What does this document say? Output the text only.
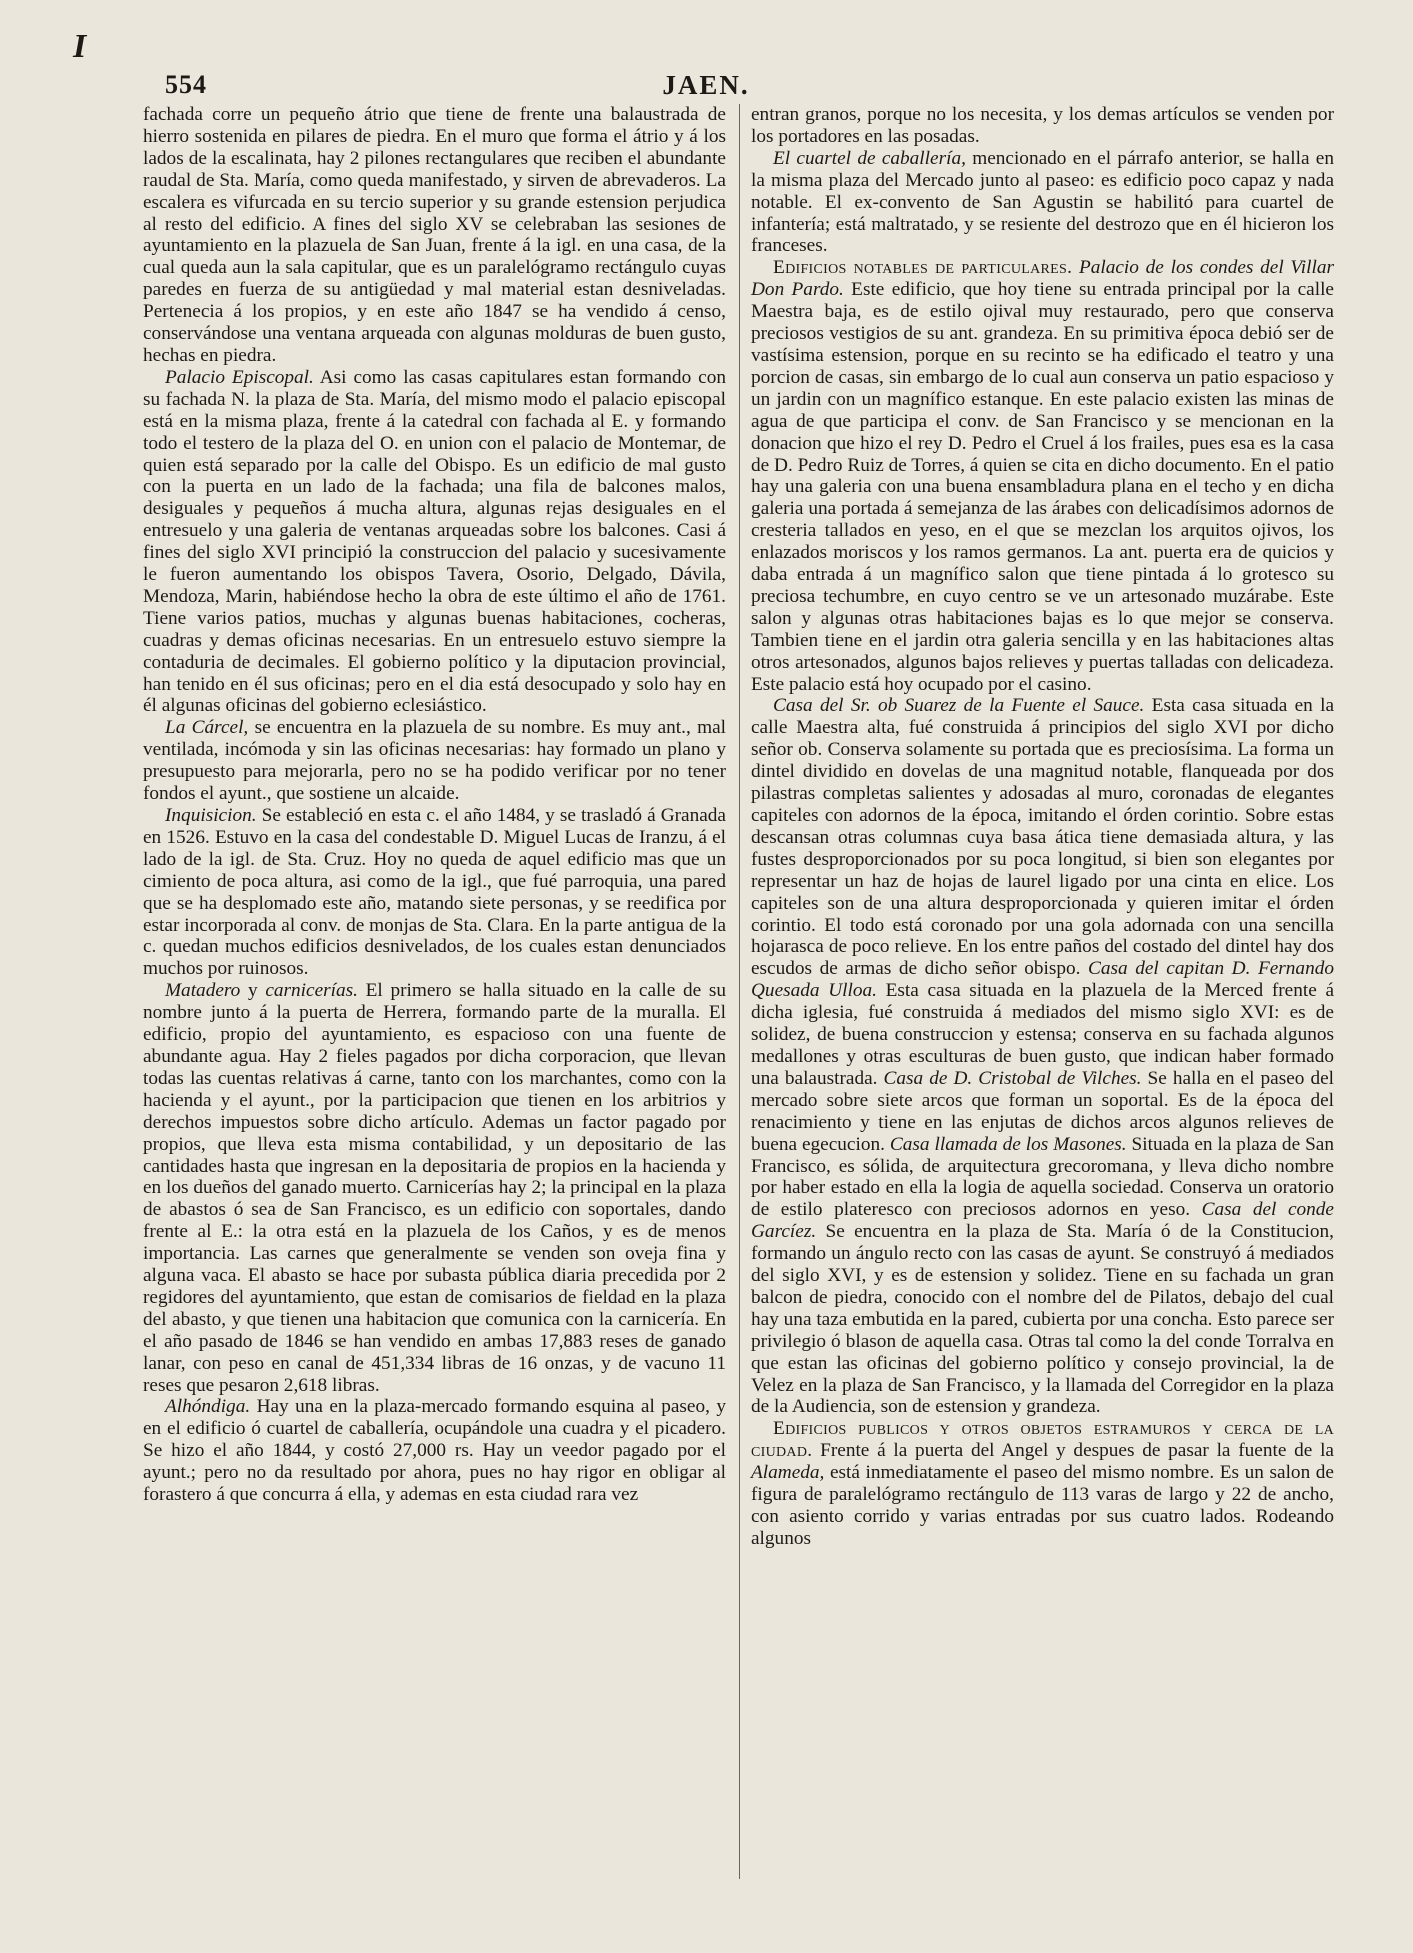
I
554	JAEN.

fachada corre un pequeño átrio que tiene de frente una balaustrada de hierro sostenida en pilares de piedra. En el muro que forma el átrio y á los lados de la escalinata, hay 2 pilones rectangulares que reciben el abundante raudal de Sta. María, como queda manifestado, y sirven de abrevaderos. La escalera es vifurcada en su tercio superior y su grande estension perjudica al resto del edificio. A fines del siglo XV se celebraban las sesiones de ayuntamiento en la plazuela de San Juan, frente á la igl. en una casa, de la cual queda aun la sala capitular, que es un paralelógramo rectángulo cuyas paredes en fuerza de su antigüedad y mal material estan desniveladas. Pertenecia á los propios, y en este año 1847 se ha vendido á censo, conservándose una ventana arqueada con algunas molduras de buen gusto, hechas en piedra.

Palacio Episcopal. Asi como las casas capitulares estan formando con su fachada N. la plaza de Sta. María, del mismo modo el palacio episcopal está en la misma plaza, frente á la catedral con fachada al E. y formando todo el testero de la plaza del O. en union con el palacio de Montemar, de quien está separado por la calle del Obispo. Es un edificio de mal gusto con la puerta en un lado de la fachada; una fila de balcones malos, desiguales y pequeños á mucha altura, algunas rejas desiguales en el entresuelo y una galeria de ventanas arqueadas sobre los balcones. Casi á fines del siglo XVI principió la construccion del palacio y sucesivamente le fueron aumentando los obispos Tavera, Osorio, Delgado, Dávila, Mendoza, Marin, habiéndose hecho la obra de este último el año de 1761. Tiene varios patios, muchas y algunas buenas habitaciones, cocheras, cuadras y demas oficinas necesarias. En un entresuelo estuvo siempre la contaduria de decimales. El gobierno político y la diputacion provincial, han tenido en él sus oficinas; pero en el dia está desocupado y solo hay en él algunas oficinas del gobierno eclesiástico.

La Cárcel, se encuentra en la plazuela de su nombre. Es muy ant., mal ventilada, incómoda y sin las oficinas necesarias: hay formado un plano y presupuesto para mejorarla, pero no se ha podido verificar por no tener fondos el ayunt., que sostiene un alcaide.

Inquisicion. Se estableció en esta c. el año 1484, y se trasladó á Granada en 1526. Estuvo en la casa del condestable D. Miguel Lucas de Iranzu, á el lado de la igl. de Sta. Cruz. Hoy no queda de aquel edificio mas que un cimiento de poca altura, asi como de la igl., que fué parroquia, una pared que se ha desplomado este año, matando siete personas, y se reedifica por estar incorporada al conv. de monjas de Sta. Clara. En la parte antigua de la c. quedan muchos edificios desnivelados, de los cuales estan denunciados muchos por ruinosos.

Matadero y carnicerías. El primero se halla situado en la calle de su nombre junto á la puerta de Herrera, formando parte de la muralla. El edificio, propio del ayuntamiento, es espacioso con una fuente de abundante agua. Hay 2 fieles pagados por dicha corporacion, que llevan todas las cuentas relativas á carne, tanto con los marchantes, como con la hacienda y el ayunt., por la participacion que tienen en los arbitrios y derechos impuestos sobre dicho artículo. Ademas un factor pagado por propios, que lleva esta misma contabilidad, y un depositario de las cantidades hasta que ingresan en la depositaria de propios en la hacienda y en los dueños del ganado muerto. Carnicerías hay 2; la principal en la plaza de abastos ó sea de San Francisco, es un edificio con soportales, dando frente al E.: la otra está en la plazuela de los Caños, y es de menos importancia. Las carnes que generalmente se venden son oveja fina y alguna vaca. El abasto se hace por subasta pública diaria precedida por 2 regidores del ayuntamiento, que estan de comisarios de fieldad en la plaza del abasto, y que tienen una habitacion que comunica con la carnicería. En el año pasado de 1846 se han vendido en ambas 17,883 reses de ganado lanar, con peso en canal de 451,334 libras de 16 onzas, y de vacuno 11 reses que pesaron 2,618 libras.

Alhóndiga. Hay una en la plaza-mercado formando esquina al paseo, y en el edificio ó cuartel de caballería, ocupándole una cuadra y el picadero. Se hizo el año 1844, y costó 27,000 rs. Hay un veedor pagado por el ayunt.; pero no da resultado por ahora, pues no hay rigor en obligar al forastero á que concurra á ella, y ademas en esta ciudad rara vez

entran granos, porque no los necesita, y los demas artículos se venden por los portadores en las posadas.

El cuartel de caballería, mencionado en el párrafo anterior, se halla en la misma plaza del Mercado junto al paseo: es edificio poco capaz y nada notable. El ex-convento de San Agustin se habilitó para cuartel de infantería; está maltratado, y se resiente del destrozo que en él hicieron los franceses.

Edificios notables de particulares. Palacio de los condes del Villar Don Pardo. Este edificio, que hoy tiene su entrada principal por la calle Maestra baja, es de estilo ojival muy restaurado, pero que conserva preciosos vestigios de su ant. grandeza. En su primitiva época debió ser de vastísima estension, porque en su recinto se ha edificado el teatro y una porcion de casas, sin embargo de lo cual aun conserva un patio espacioso y un jardin con un magnífico estanque. En este palacio existen las minas de agua de que participa el conv. de San Francisco y se mencionan en la donacion que hizo el rey D. Pedro el Cruel á los frailes, pues esa es la casa de D. Pedro Ruiz de Torres, á quien se cita en dicho documento. En el patio hay una galeria con una buena ensambladura plana en el techo y en dicha galeria una portada á semejanza de las árabes con delicadísimos adornos de cresteria tallados en yeso, en el que se mezclan los arquitos ojivos, los enlazados moriscos y los ramos germanos. La ant. puerta era de quicios y daba entrada á un magnífico salon que tiene pintada á lo grotesco su preciosa techumbre, en cuyo centro se ve un artesonado muzárabe. Este salon y algunas otras habitaciones bajas es lo que mejor se conserva. Tambien tiene en el jardin otra galeria sencilla y en las habitaciones altas otros artesonados, algunos bajos relieves y puertas talladas con delicadeza. Este palacio está hoy ocupado por el casino.

Casa del Sr. ob Suarez de la Fuente el Sauce. Esta casa situada en la calle Maestra alta, fué construida á principios del siglo XVI por dicho señor ob. Conserva solamente su portada que es preciosísima. La forma un dintel dividido en dovelas de una magnitud notable, flanqueada por dos pilastras completas salientes y adosadas al muro, coronadas de elegantes capiteles con adornos de la época, imitando el órden corintio. Sobre estas descansan otras columnas cuya basa ática tiene demasiada altura, y las fustes desproporcionados por su poca longitud, si bien son elegantes por representar un haz de hojas de laurel ligado por una cinta en elice. Los capiteles son de una altura desproporcionada y quieren imitar el órden corintio. El todo está coronado por una gola adornada con una sencilla hojarasca de poco relieve. En los entre paños del costado del dintel hay dos escudos de armas de dicho señor obispo. Casa del capitan D. Fernando Quesada Ulloa. Esta casa situada en la plazuela de la Merced frente á dicha iglesia, fué construida á mediados del mismo siglo XVI: es de solidez, de buena construccion y estensa; conserva en su fachada algunos medallones y otras esculturas de buen gusto, que indican haber formado una balaustrada. Casa de D. Cristobal de Vilches. Se halla en el paseo del mercado sobre siete arcos que forman un soportal. Es de la época del renacimiento y tiene en las enjutas de dichos arcos algunos relieves de buena egecucion. Casa llamada de los Masones. Situada en la plaza de San Francisco, es sólida, de arquitectura grecoromana, y lleva dicho nombre por haber estado en ella la logia de aquella sociedad. Conserva un oratorio de estilo plateresco con preciosos adornos en yeso. Casa del conde Garcíez. Se encuentra en la plaza de Sta. María ó de la Constitucion, formando un ángulo recto con las casas de ayunt. Se construyó á mediados del siglo XVI, y es de estension y solidez. Tiene en su fachada un gran balcon de piedra, conocido con el nombre del de Pilatos, debajo del cual hay una taza embutida en la pared, cubierta por una concha. Esto parece ser privilegio ó blason de aquella casa. Otras tal como la del conde Torralva en que estan las oficinas del gobierno político y consejo provincial, la de Velez en la plaza de San Francisco, y la llamada del Corregidor en la plaza de la Audiencia, son de estension y grandeza.

Edificios publicos y otros objetos estramuros y cerca de la ciudad. Frente á la puerta del Angel y despues de pasar la fuente de la Alameda, está inmediatamente el paseo del mismo nombre. Es un salon de figura de paralelógramo rectángulo de 113 varas de largo y 22 de ancho, con asiento corrido y varias entradas por sus cuatro lados. Rodeando algunos
